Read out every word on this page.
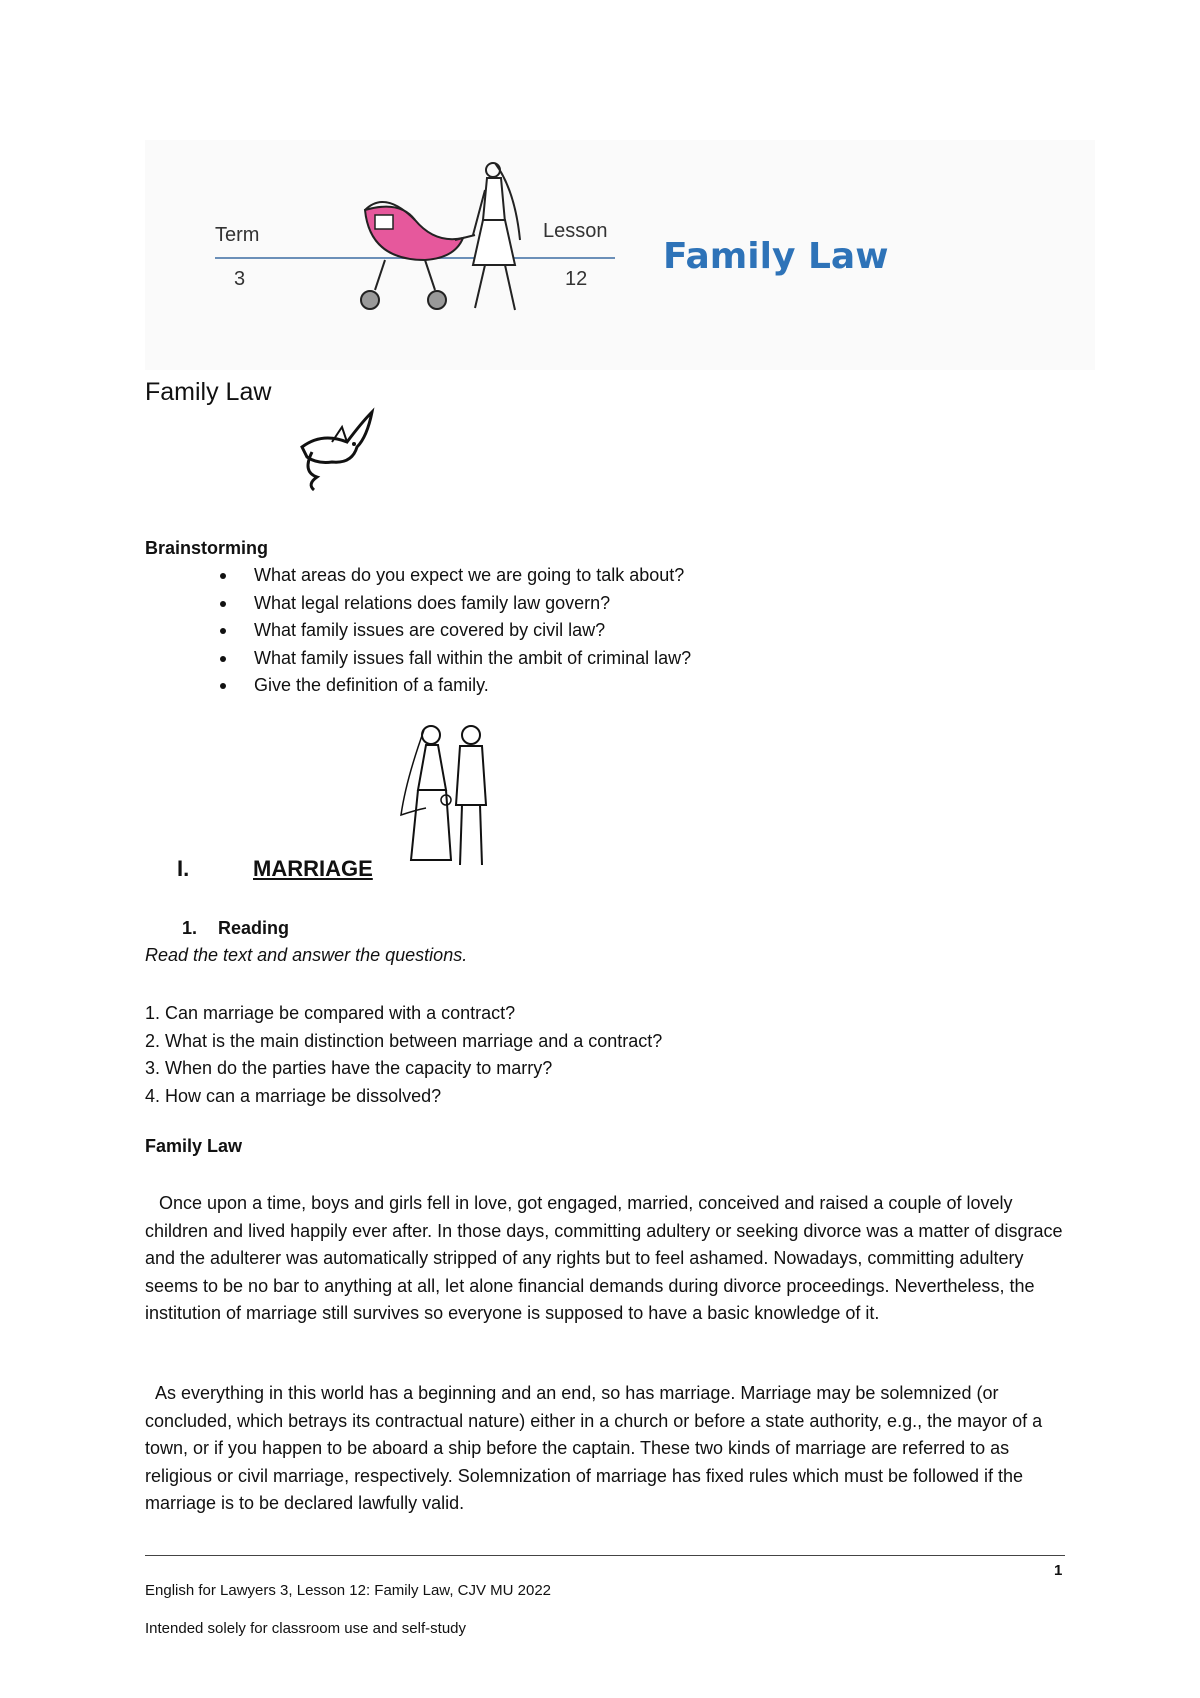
Term
3
Lesson
12
Family Law
Family Law
Brainstorming
What areas do you expect we are going to talk about?
What legal relations does family law govern?
What family issues are covered by civil law?
What family issues fall within the ambit of criminal law?
Give the definition of a family.
I.	MARRIAGE
1. Reading
Read the text and answer the questions.
1. Can marriage be compared with a contract?
2. What is the main distinction between marriage and a contract?
3. When do the parties have the capacity to marry?
4. How can a marriage be dissolved?
Family Law
Once upon a time, boys and girls fell in love, got engaged, married, conceived and raised a couple of lovely children and lived happily ever after. In those days, committing adultery or seeking divorce was a matter of disgrace and the adulterer was automatically stripped of any rights but to feel ashamed. Nowadays, committing adultery seems to be no bar to anything at all, let alone financial demands during divorce proceedings. Nevertheless, the institution of marriage still survives so everyone is supposed to have a basic knowledge of it.
As everything in this world has a beginning and an end, so has marriage. Marriage may be solemnized (or concluded, which betrays its contractual nature) either in a church or before a state authority, e.g., the mayor of a town, or if you happen to be aboard a ship before the captain. These two kinds of marriage are referred to as religious or civil marriage, respectively. Solemnization of marriage has fixed rules which must be followed if the marriage is to be declared lawfully valid.
1
English for Lawyers 3, Lesson 12: Family Law, CJV MU 2022
Intended solely for classroom use and self-study
